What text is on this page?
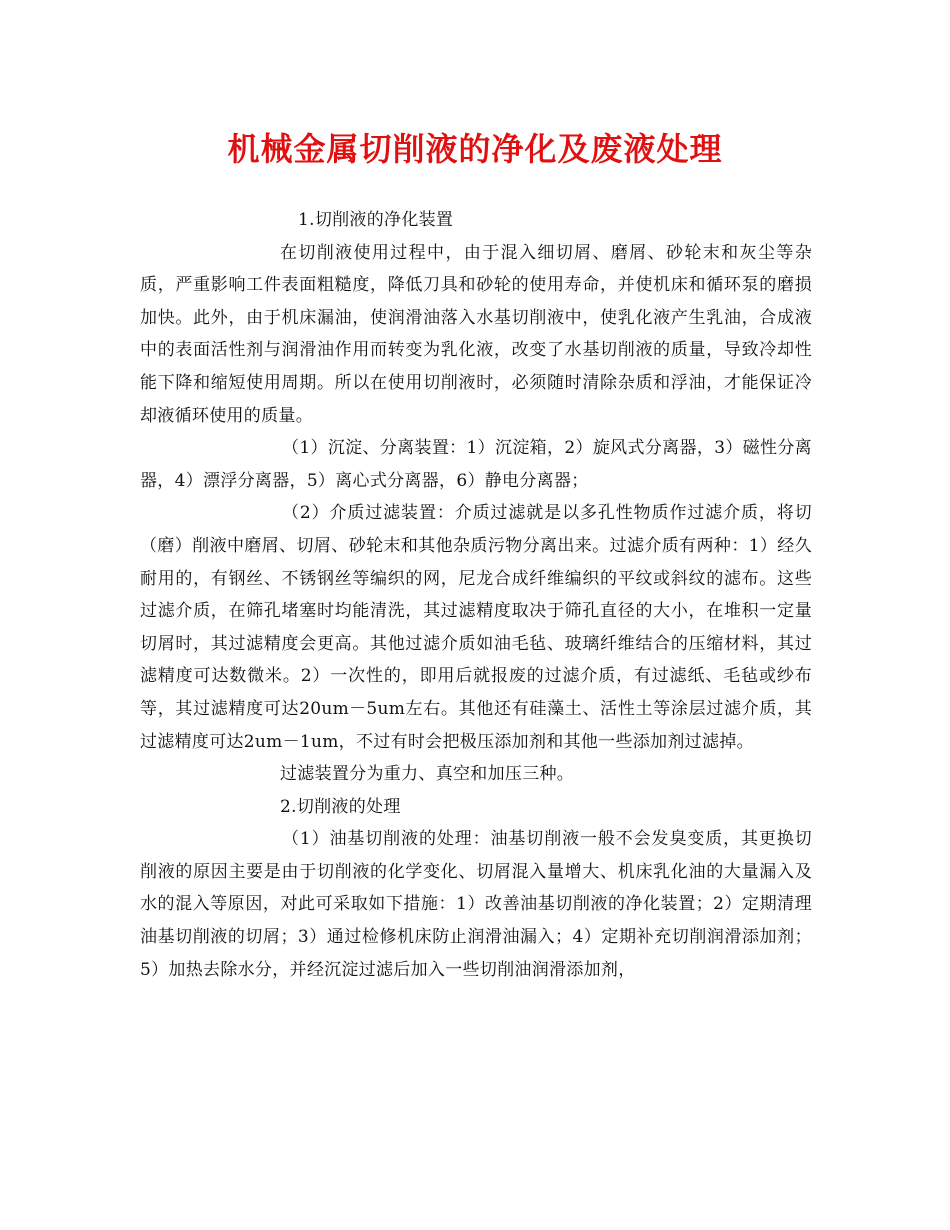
机械金属切削液的净化及废液处理

1.切削液的净化装置

在切削液使用过程中，由于混入细切屑、磨屑、砂轮末和灰尘等杂质，严重影响工件表面粗糙度，降低刀具和砂轮的使用寿命，并使机床和循环泵的磨损加快。此外，由于机床漏油，使润滑油落入水基切削液中，使乳化液产生乳油，合成液中的表面活性剂与润滑油作用而转变为乳化液，改变了水基切削液的质量，导致冷却性能下降和缩短使用周期。所以在使用切削液时，必须随时清除杂质和浮油，才能保证冷却液循环使用的质量。

（1）沉淀、分离装置：1）沉淀箱，2）旋风式分离器，3）磁性分离器，4）漂浮分离器，5）离心式分离器，6）静电分离器；

（2）介质过滤装置：介质过滤就是以多孔性物质作过滤介质，将切（磨）削液中磨屑、切屑、砂轮末和其他杂质污物分离出来。过滤介质有两种：1）经久耐用的，有钢丝、不锈钢丝等编织的网，尼龙合成纤维编织的平纹或斜纹的滤布。这些过滤介质，在筛孔堵塞时均能清洗，其过滤精度取决于筛孔直径的大小，在堆积一定量切屑时，其过滤精度会更高。其他过滤介质如油毛毡、玻璃纤维结合的压缩材料，其过滤精度可达数微米。2）一次性的，即用后就报废的过滤介质，有过滤纸、毛毡或纱布等，其过滤精度可达20um－5um左右。其他还有硅藻土、活性土等涂层过滤介质，其过滤精度可达2um－1um，不过有时会把极压添加剂和其他一些添加剂过滤掉。

过滤装置分为重力、真空和加压三种。

2.切削液的处理

（1）油基切削液的处理：油基切削液一般不会发臭变质，其更换切削液的原因主要是由于切削液的化学变化、切屑混入量增大、机床乳化油的大量漏入及水的混入等原因，对此可采取如下措施：1）改善油基切削液的净化装置；2）定期清理油基切削液的切屑；3）通过检修机床防止润滑油漏入；4）定期补充切削润滑添加剂；5）加热去除水分，并经沉淀过滤后加入一些切削油润滑添加剂，
